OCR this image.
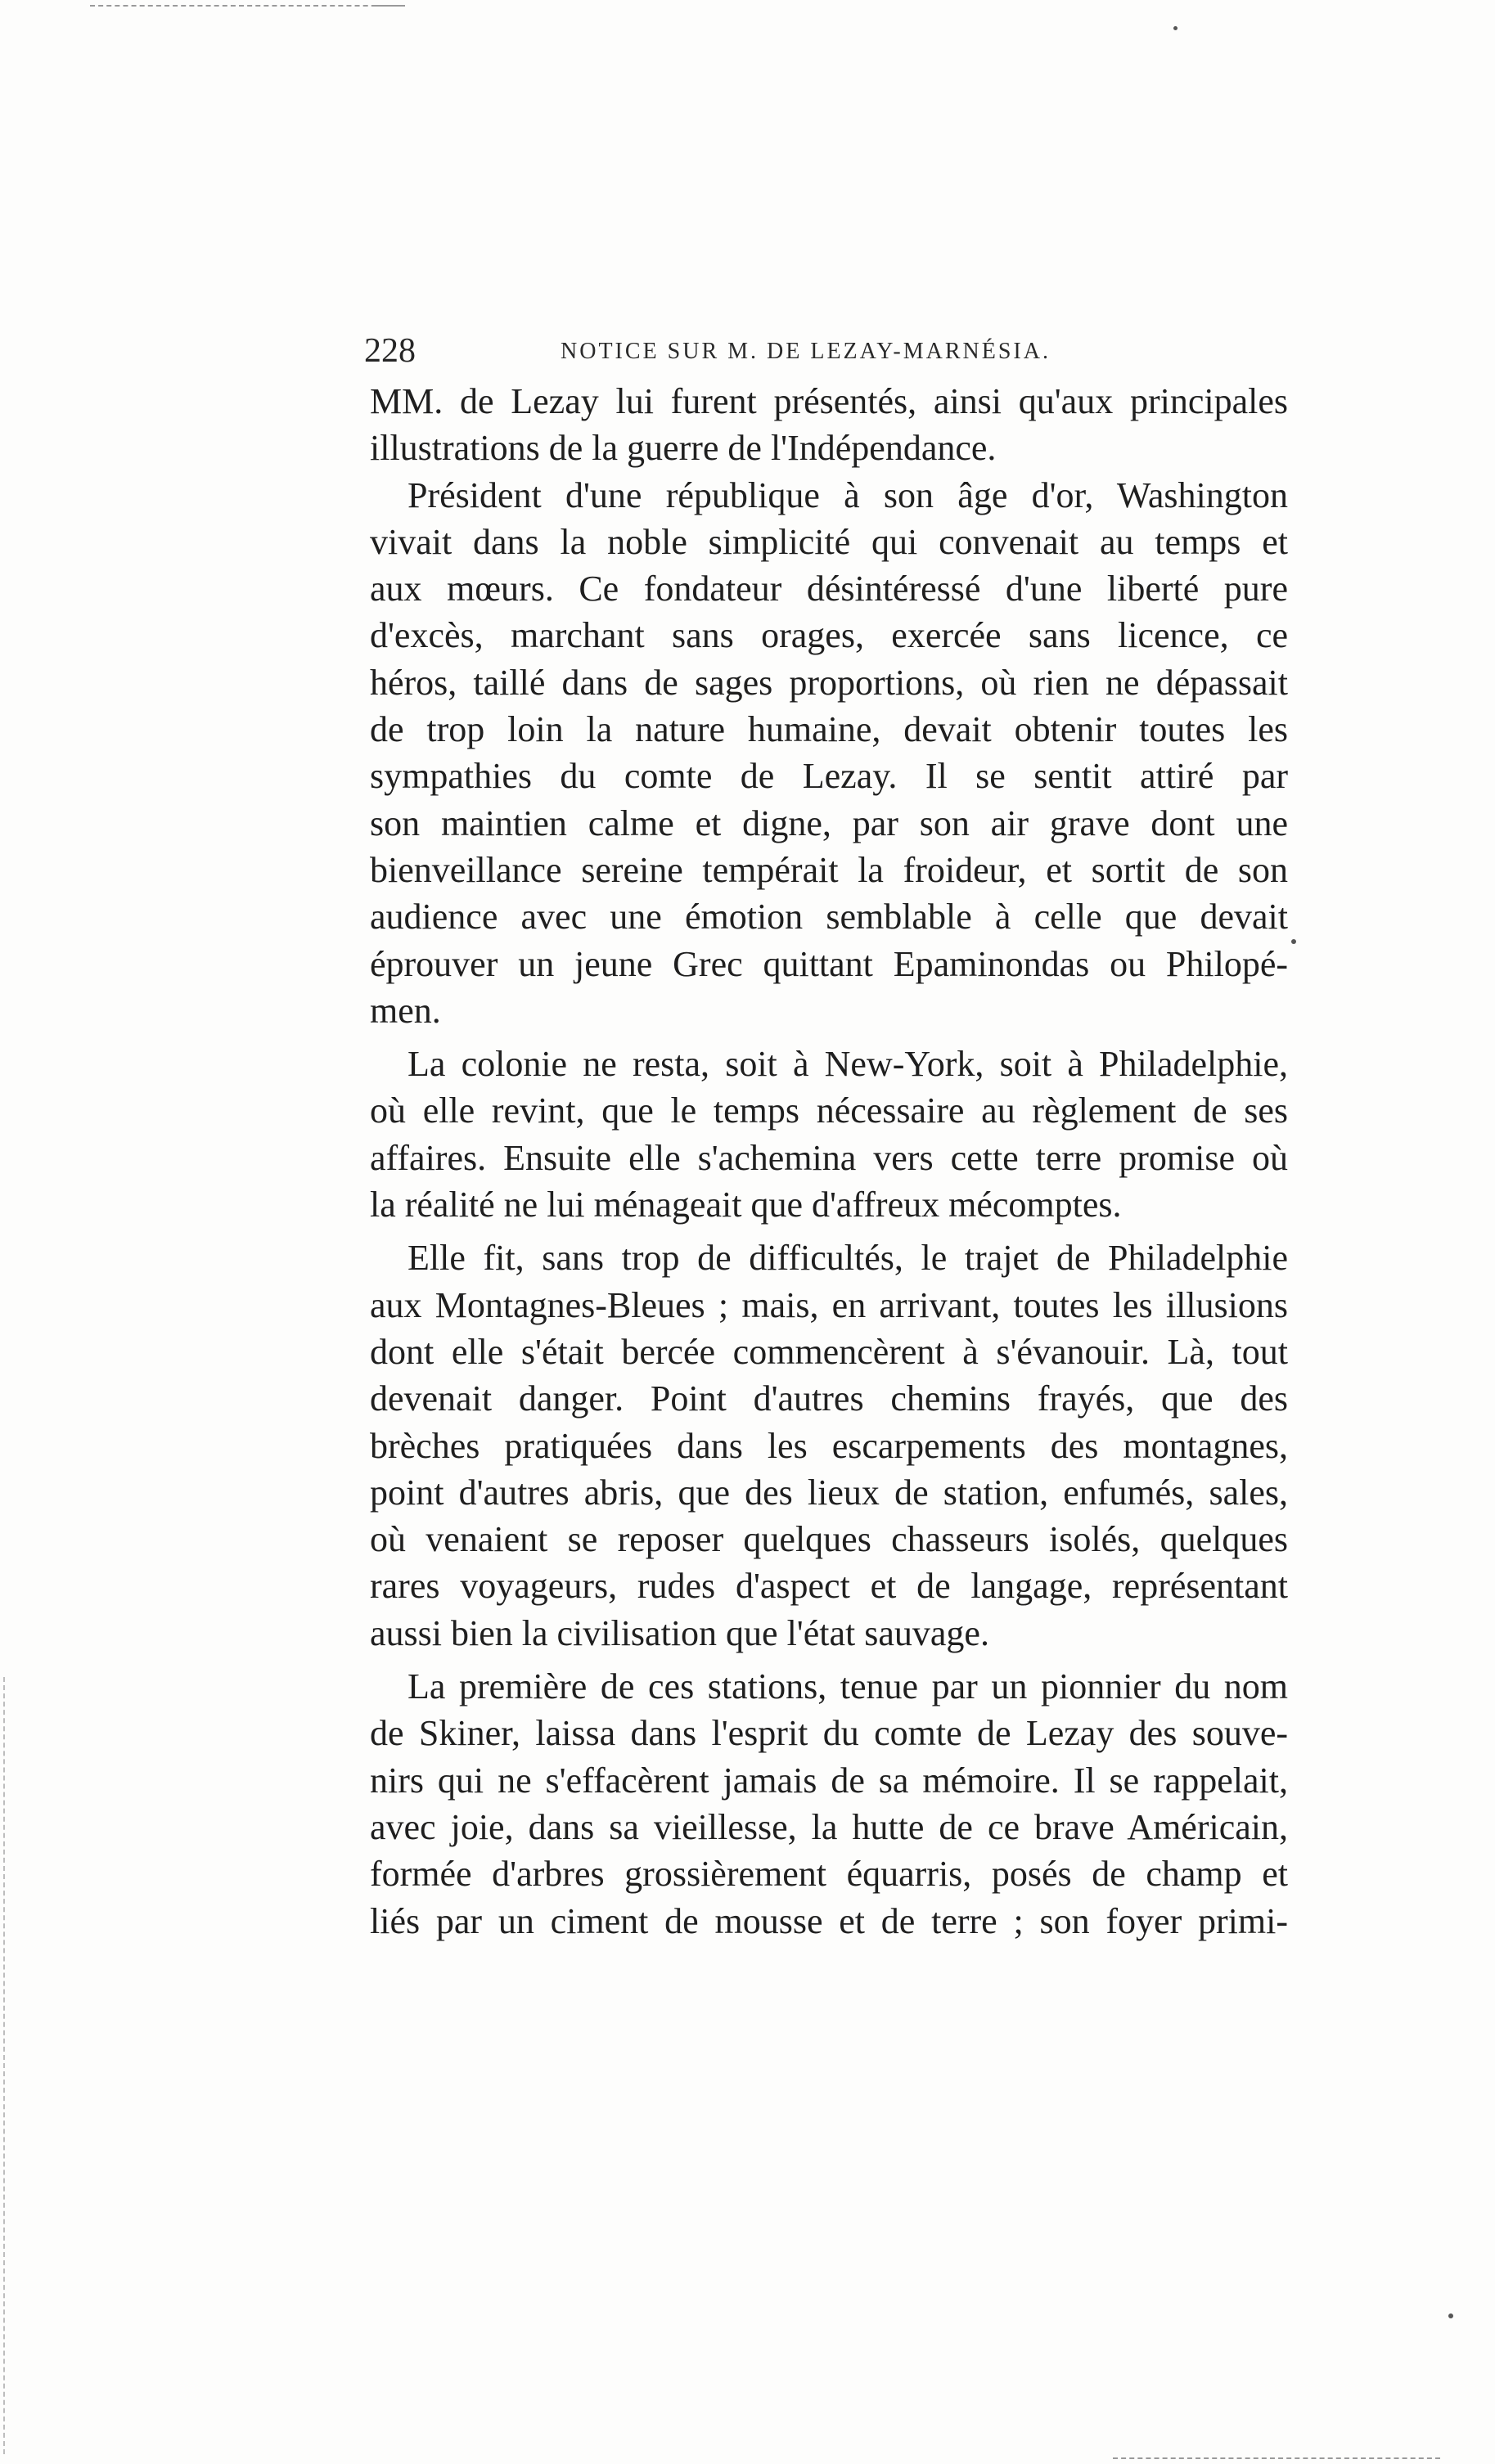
228	NOTICE SUR M. DE LEZAY-MARNÉSIA.
MM. de Lezay lui furent présentés, ainsi qu'aux principales
illustrations de la guerre de l'Indépendance.
Président d'une république à son âge d'or, Washington
vivait dans la noble simplicité qui convenait au temps et
aux mœurs. Ce fondateur désintéressé d'une liberté pure
d'excès, marchant sans orages, exercée sans licence, ce
héros, taillé dans de sages proportions, où rien ne dépassait
de trop loin la nature humaine, devait obtenir toutes les
sympathies du comte de Lezay. Il se sentit attiré par
son maintien calme et digne, par son air grave dont une
bienveillance sereine tempérait la froideur, et sortit de son
audience avec une émotion semblable à celle que devait
éprouver un jeune Grec quittant Epaminondas ou Philopé-
men.
La colonie ne resta, soit à New-York, soit à Philadelphie,
où elle revint, que le temps nécessaire au règlement de ses
affaires. Ensuite elle s'achemina vers cette terre promise où
la réalité ne lui ménageait que d'affreux mécomptes.
Elle fit, sans trop de difficultés, le trajet de Philadelphie
aux Montagnes-Bleues ; mais, en arrivant, toutes les illusions
dont elle s'était bercée commencèrent à s'évanouir. Là, tout
devenait danger. Point d'autres chemins frayés, que des
brèches pratiquées dans les escarpements des montagnes,
point d'autres abris, que des lieux de station, enfumés, sales,
où venaient se reposer quelques chasseurs isolés, quelques
rares voyageurs, rudes d'aspect et de langage, représentant
aussi bien la civilisation que l'état sauvage.
La première de ces stations, tenue par un pionnier du nom
de Skiner, laissa dans l'esprit du comte de Lezay des souve-
nirs qui ne s'effacèrent jamais de sa mémoire. Il se rappelait,
avec joie, dans sa vieillesse, la hutte de ce brave Américain,
formée d'arbres grossièrement équarris, posés de champ et
liés par un ciment de mousse et de terre ; son foyer primi-
